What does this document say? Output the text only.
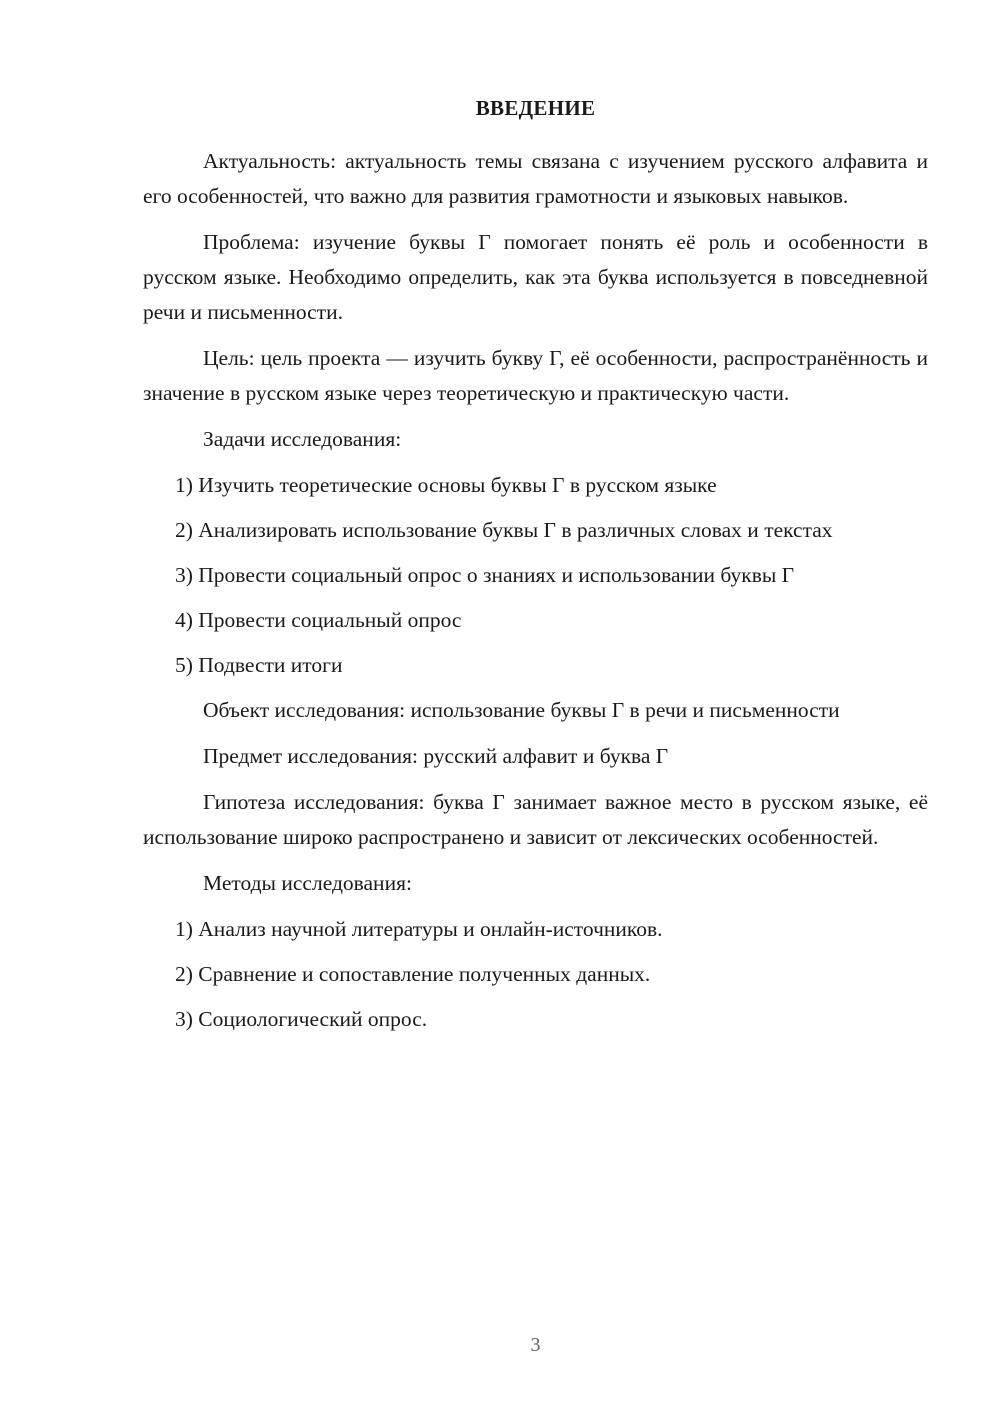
ВВЕДЕНИЕ

Актуальность: актуальность темы связана с изучением русского алфавита и его особенностей, что важно для развития грамотности и языковых навыков.

Проблема: изучение буквы Г помогает понять её роль и особенности в русском языке. Необходимо определить, как эта буква используется в повседневной речи и письменности.

Цель: цель проекта — изучить букву Г, её особенности, распространённость и значение в русском языке через теоретическую и практическую части.

Задачи исследования:

1) Изучить теоретические основы буквы Г в русском языке

2) Анализировать использование буквы Г в различных словах и текстах

3) Провести социальный опрос о знаниях и использовании буквы Г

4) Провести социальный опрос

5) Подвести итоги

Объект исследования: использование буквы Г в речи и письменности

Предмет исследования: русский алфавит и буква Г

Гипотеза исследования: буква Г занимает важное место в русском языке, её использование широко распространено и зависит от лексических особенностей.

Методы исследования:

1) Анализ научной литературы и онлайн-источников.

2) Сравнение и сопоставление полученных данных.

3) Социологический опрос.

3
